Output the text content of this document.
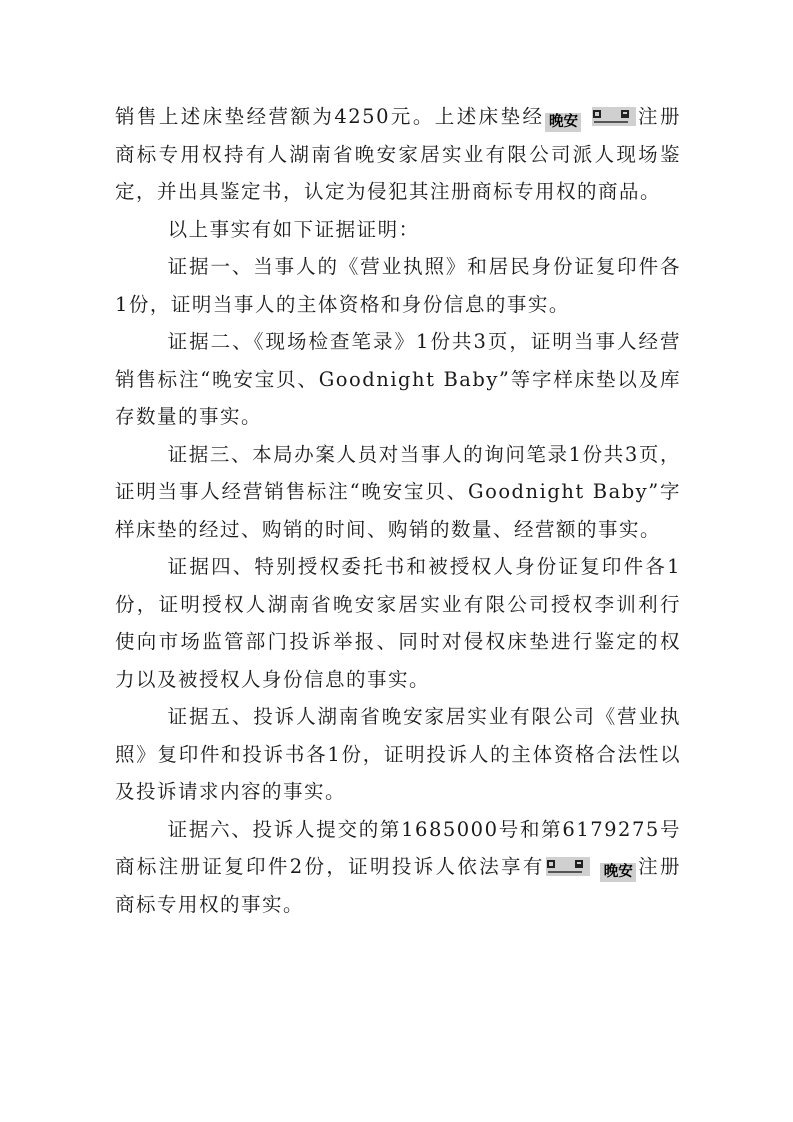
销售上述床垫经营额为4250元。上述床垫经 晚安
	注册商标专用权持有人湖南省晚安家居实业有限公司派人现场鉴定，并出具鉴定书，认定为侵犯其注册商标专用权的商品。

以上事实有如下证据证明：

证据一、当事人的《营业执照》和居民身份证复印件各1份，证明当事人的主体资格和身份信息的事实。

证据二、《现场检查笔录》1份共3页，证明当事人经营销售标注“晚安宝贝、Goodnight Baby”等字样床垫以及库存数量的事实。

证据三、本局办案人员对当事人的询问笔录1份共3页，证明当事人经营销售标注“晚安宝贝、Goodnight Baby”字样床垫的经过、购销的时间、购销的数量、经营额的事实。

证据四、特别授权委托书和被授权人身份证复印件各1份，证明授权人湖南省晚安家居实业有限公司授权李训利行使向市场监管部门投诉举报、同时对侵权床垫进行鉴定的权力以及被授权人身份信息的事实。

证据五、投诉人湖南省晚安家居实业有限公司《营业执照》复印件和投诉书各1份，证明投诉人的主体资格合法性以及投诉请求内容的事实。

证据六、投诉人提交的第1685000号和第6179275号商标注册证复印件2份，证明投诉人依法享有
	晚安 注册商标专用权的事实。
